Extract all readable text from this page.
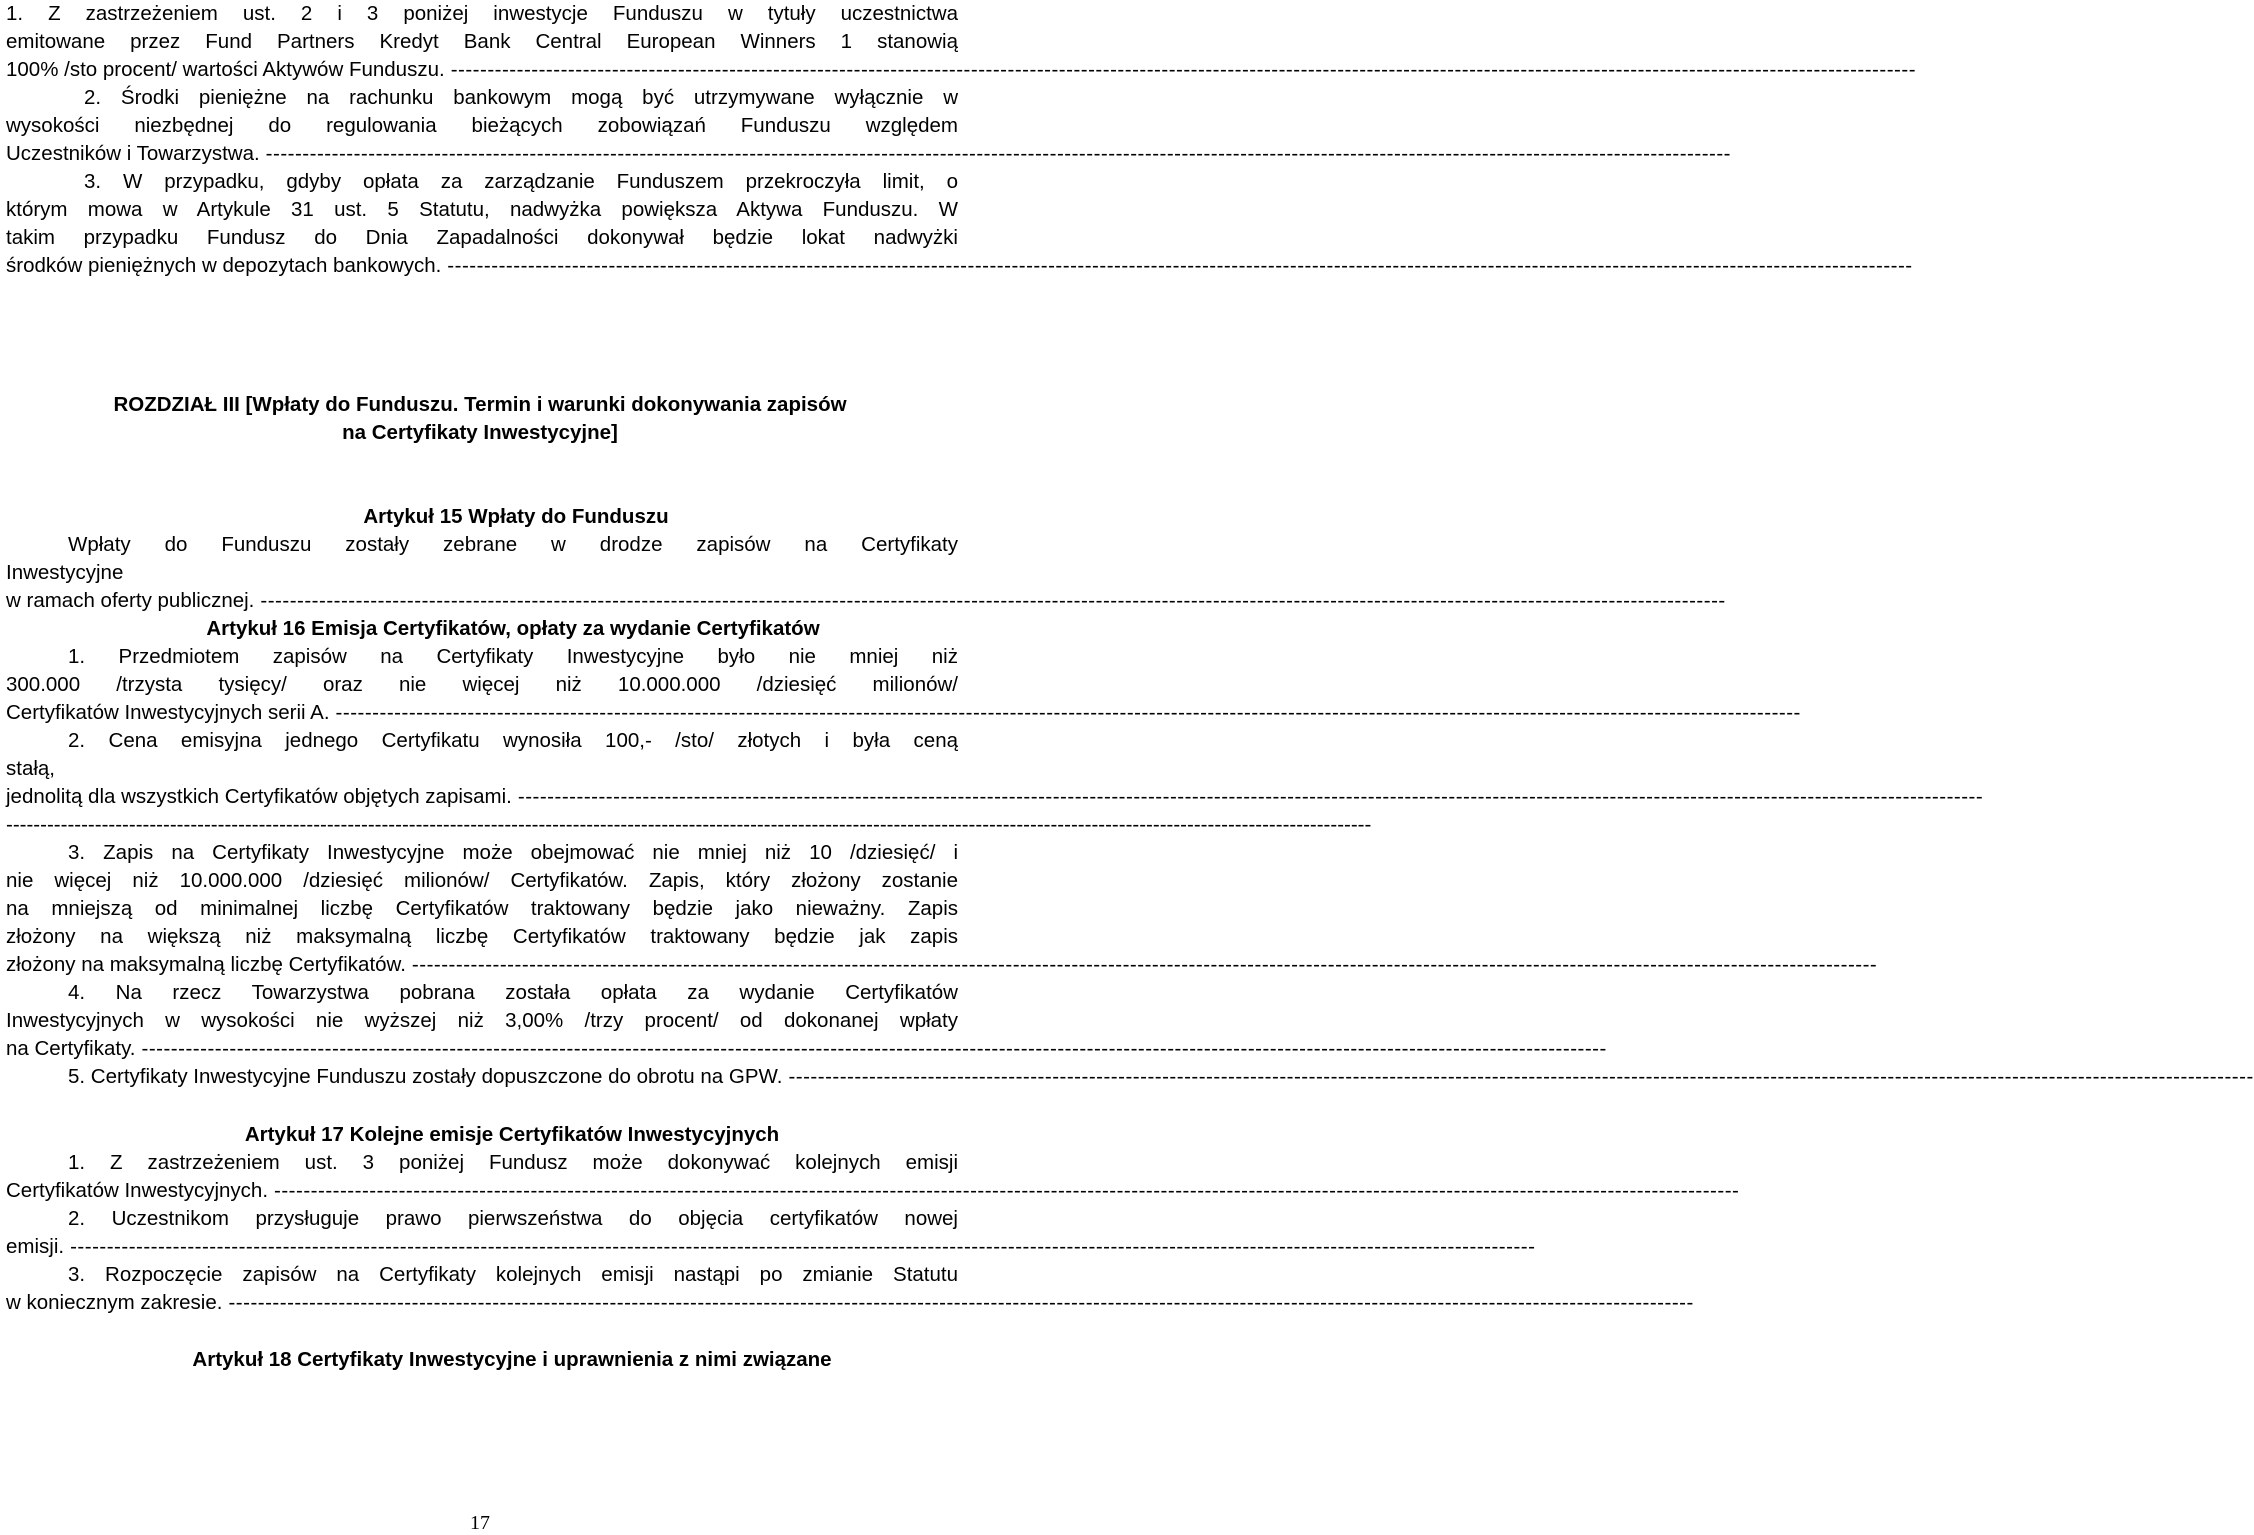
1. Z zastrzeżeniem ust. 2 i 3 poniżej inwestycje Funduszu w tytuły uczestnictwa
emitowane przez Fund Partners Kredyt Bank Central European Winners 1 stanowią
100% /sto procent/ wartości Aktywów Funduszu. --------------------------------------------------------------------------------------------------------------------------------------------------------------------------------------------------------
2. Środki pieniężne na rachunku bankowym mogą być utrzymywane wyłącznie w
wysokości niezbędnej do regulowania bieżących zobowiązań Funduszu względem
Uczestników i Towarzystwa. --------------------------------------------------------------------------------------------------------------------------------------------------------------------------------------------------------
3. W przypadku, gdyby opłata za zarządzanie Funduszem przekroczyła limit, o
którym mowa w Artykule 31 ust. 5 Statutu, nadwyżka powiększa Aktywa Funduszu. W
takim przypadku Fundusz do Dnia Zapadalności dokonywał będzie lokat nadwyżki
środków pieniężnych w depozytach bankowych. --------------------------------------------------------------------------------------------------------------------------------------------------------------------------------------------------------
ROZDZIAŁ III [Wpłaty do Funduszu. Termin i warunki dokonywania zapisów
na Certyfikaty Inwestycyjne]
Artykuł 15 Wpłaty do Funduszu
Wpłaty do Funduszu zostały zebrane w drodze zapisów na Certyfikaty
Inwestycyjne
w ramach oferty publicznej. --------------------------------------------------------------------------------------------------------------------------------------------------------------------------------------------------------
Artykuł 16 Emisja Certyfikatów, opłaty za wydanie Certyfikatów
1. Przedmiotem zapisów na Certyfikaty Inwestycyjne było nie mniej niż
300.000 /trzysta tysięcy/ oraz nie więcej niż 10.000.000 /dziesięć milionów/
Certyfikatów Inwestycyjnych serii A. --------------------------------------------------------------------------------------------------------------------------------------------------------------------------------------------------------
2. Cena emisyjna jednego Certyfikatu wynosiła 100,- /sto/ złotych i była ceną
stałą,
jednolitą dla wszystkich Certyfikatów objętych zapisami. --------------------------------------------------------------------------------------------------------------------------------------------------------------------------------------------------------
--------------------------------------------------------------------------------------------------------------------------------------------------------------------------------------------------------
3. Zapis na Certyfikaty Inwestycyjne może obejmować nie mniej niż 10 /dziesięć/ i
nie więcej niż 10.000.000 /dziesięć milionów/ Certyfikatów. Zapis, który złożony zostanie
na mniejszą od minimalnej liczbę Certyfikatów traktowany będzie jako nieważny. Zapis
złożony na większą niż maksymalną liczbę Certyfikatów traktowany będzie jak zapis
złożony na maksymalną liczbę Certyfikatów. --------------------------------------------------------------------------------------------------------------------------------------------------------------------------------------------------------
4. Na rzecz Towarzystwa pobrana została opłata za wydanie Certyfikatów
Inwestycyjnych w wysokości nie wyższej niż 3,00% /trzy procent/ od dokonanej wpłaty
na Certyfikaty. --------------------------------------------------------------------------------------------------------------------------------------------------------------------------------------------------------
5. Certyfikaty Inwestycyjne Funduszu zostały dopuszczone do obrotu na GPW. --------------------------------------------------------------------------------------------------------------------------------------------------------------------------------------------------------
Artykuł 17 Kolejne emisje Certyfikatów Inwestycyjnych
1. Z zastrzeżeniem ust. 3 poniżej Fundusz może dokonywać kolejnych emisji
Certyfikatów Inwestycyjnych. --------------------------------------------------------------------------------------------------------------------------------------------------------------------------------------------------------
2. Uczestnikom przysługuje prawo pierwszeństwa do objęcia certyfikatów nowej
emisji. --------------------------------------------------------------------------------------------------------------------------------------------------------------------------------------------------------
3. Rozpoczęcie zapisów na Certyfikaty kolejnych emisji nastąpi po zmianie Statutu
w koniecznym zakresie. --------------------------------------------------------------------------------------------------------------------------------------------------------------------------------------------------------
Artykuł 18 Certyfikaty Inwestycyjne i uprawnienia z nimi związane
17
